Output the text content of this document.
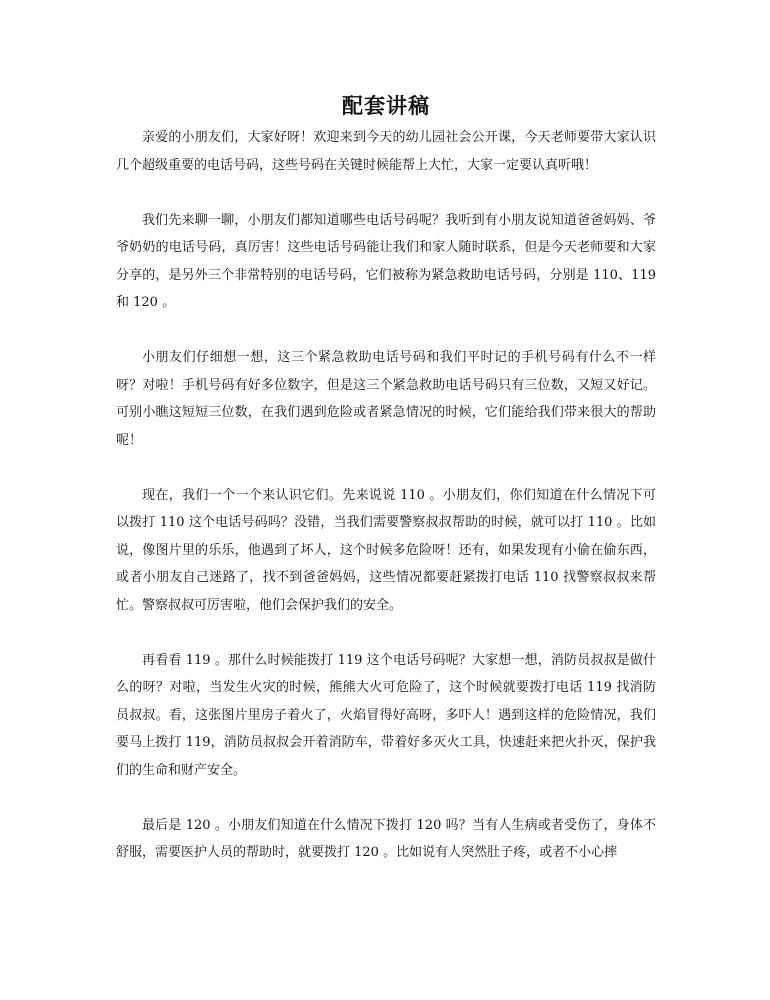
配套讲稿

亲爱的小朋友们，大家好呀！欢迎来到今天的幼儿园社会公开课，今天老师要带大家认识几个超级重要的电话号码，这些号码在关键时候能帮上大忙，大家一定要认真听哦！

我们先来聊一聊，小朋友们都知道哪些电话号码呢？我听到有小朋友说知道爸爸妈妈、爷爷奶奶的电话号码，真厉害！这些电话号码能让我们和家人随时联系，但是今天老师要和大家分享的，是另外三个非常特别的电话号码，它们被称为紧急救助电话号码，分别是 110、119 和 120 。

小朋友们仔细想一想，这三个紧急救助电话号码和我们平时记的手机号码有什么不一样呀？对啦！手机号码有好多位数字，但是这三个紧急救助电话号码只有三位数，又短又好记。可别小瞧这短短三位数，在我们遇到危险或者紧急情况的时候，它们能给我们带来很大的帮助呢！

现在，我们一个一个来认识它们。先来说说 110 。小朋友们，你们知道在什么情况下可以拨打 110 这个电话号码吗？没错，当我们需要警察叔叔帮助的时候，就可以打 110 。比如说，像图片里的乐乐，他遇到了坏人，这个时候多危险呀！还有，如果发现有小偷在偷东西，或者小朋友自己迷路了，找不到爸爸妈妈，这些情况都要赶紧拨打电话 110 找警察叔叔来帮忙。警察叔叔可厉害啦，他们会保护我们的安全。

再看看 119 。那什么时候能拨打 119 这个电话号码呢？大家想一想，消防员叔叔是做什么的呀？对啦，当发生火灾的时候，熊熊大火可危险了，这个时候就要拨打电话 119 找消防员叔叔。看，这张图片里房子着火了，火焰冒得好高呀，多吓人！遇到这样的危险情况，我们要马上拨打 119，消防员叔叔会开着消防车，带着好多灭火工具，快速赶来把火扑灭，保护我们的生命和财产安全。

最后是 120 。小朋友们知道在什么情况下拨打 120 吗？当有人生病或者受伤了，身体不舒服，需要医护人员的帮助时，就要拨打 120 。比如说有人突然肚子疼，或者不小心摔
